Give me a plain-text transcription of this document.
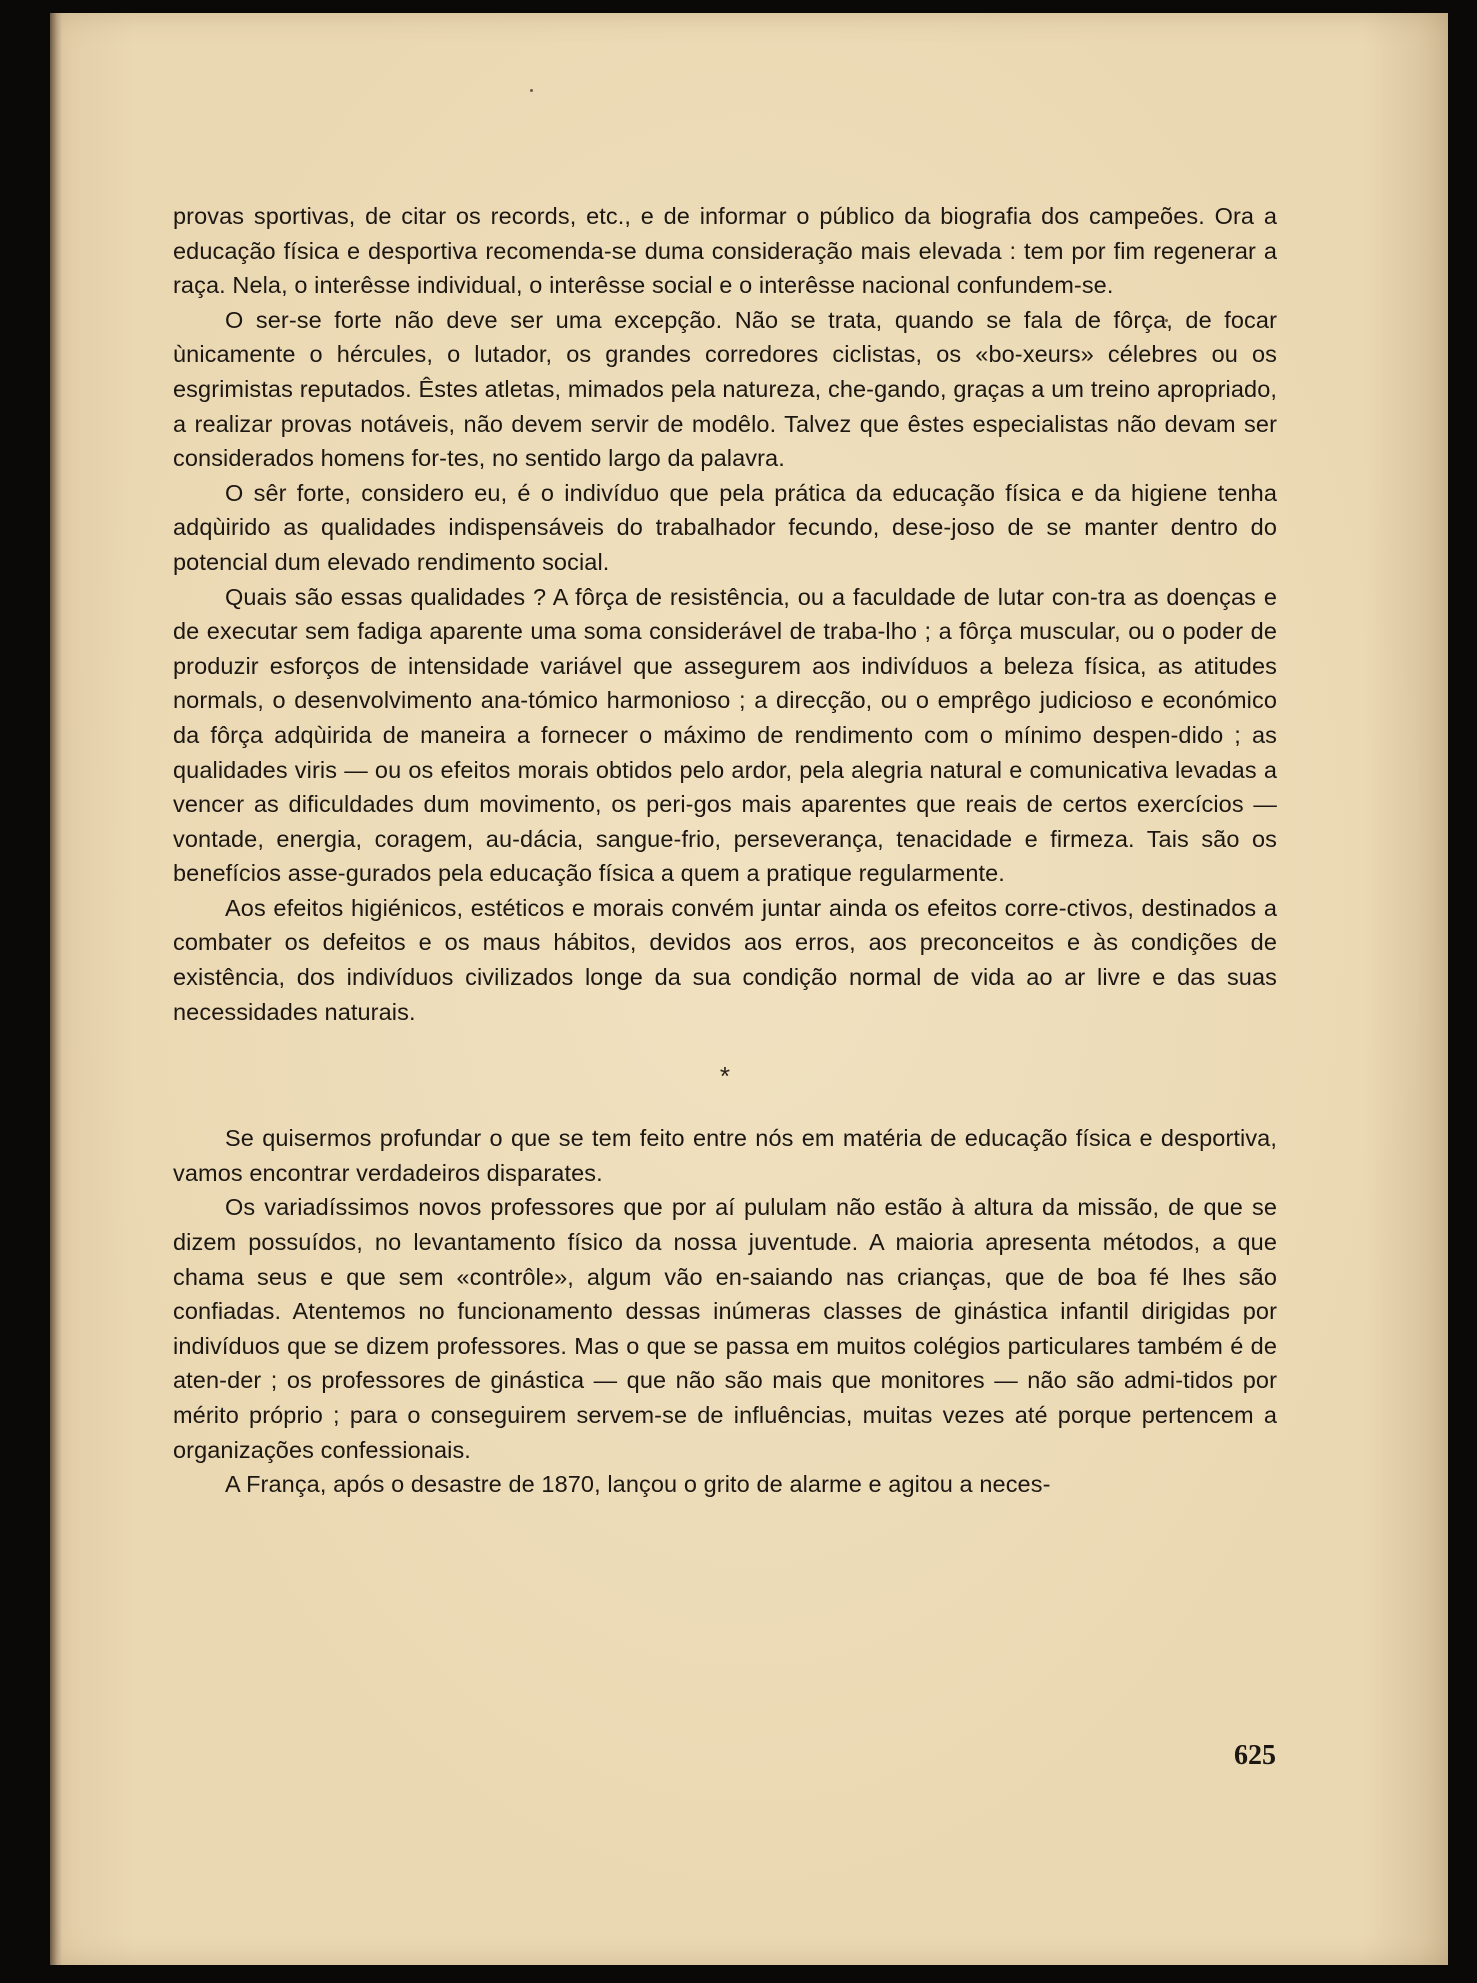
provas sportivas, de citar os records, etc., e de informar o público da biografia dos campeões. Ora a educação física e desportiva recomenda-se duma consideração mais elevada : tem por fim regenerar a raça. Nela, o interêsse individual, o interêsse social e o interêsse nacional confundem-se.

O ser-se forte não deve ser uma excepção. Não se trata, quando se fala de fôrça, de focar ùnicamente o hércules, o lutador, os grandes corredores ciclistas, os «bo-xeurs» célebres ou os esgrimistas reputados. Êstes atletas, mimados pela natureza, che-gando, graças a um treino apropriado, a realizar provas notáveis, não devem servir de modêlo. Talvez que êstes especialistas não devam ser considerados homens for-tes, no sentido largo da palavra.

O sêr forte, considero eu, é o indivíduo que pela prática da educação física e da higiene tenha adqùirido as qualidades indispensáveis do trabalhador fecundo, dese-joso de se manter dentro do potencial dum elevado rendimento social.

Quais são essas qualidades ? A fôrça de resistência, ou a faculdade de lutar con-tra as doenças e de executar sem fadiga aparente uma soma considerável de traba-lho ; a fôrça muscular, ou o poder de produzir esforços de intensidade variável que assegurem aos indivíduos a beleza física, as atitudes normals, o desenvolvimento ana-tómico harmonioso ; a direcção, ou o emprêgo judicioso e económico da fôrça adqùirida de maneira a fornecer o máximo de rendimento com o mínimo despen-dido ; as qualidades viris — ou os efeitos morais obtidos pelo ardor, pela alegria natural e comunicativa levadas a vencer as dificuldades dum movimento, os peri-gos mais aparentes que reais de certos exercícios — vontade, energia, coragem, au-dácia, sangue-frio, perseverança, tenacidade e firmeza. Tais são os benefícios asse-gurados pela educação física a quem a pratique regularmente.

Aos efeitos higiénicos, estéticos e morais convém juntar ainda os efeitos corre-ctivos, destinados a combater os defeitos e os maus hábitos, devidos aos erros, aos preconceitos e às condições de existência, dos indivíduos civilizados longe da sua condição normal de vida ao ar livre e das suas necessidades naturais.

*

Se quisermos profundar o que se tem feito entre nós em matéria de educação física e desportiva, vamos encontrar verdadeiros disparates.

Os variadíssimos novos professores que por aí pululam não estão à altura da missão, de que se dizem possuídos, no levantamento físico da nossa juventude. A maioria apresenta métodos, a que chama seus e que sem «contrôle», algum vão en-saiando nas crianças, que de boa fé lhes são confiadas. Atentemos no funcionamento dessas inúmeras classes de ginástica infantil dirigidas por indivíduos que se dizem professores. Mas o que se passa em muitos colégios particulares também é de aten-der ; os professores de ginástica — que não são mais que monitores — não são admi-tidos por mérito próprio ; para o conseguirem servem-se de influências, muitas vezes até porque pertencem a organizações confessionais.

A França, após o desastre de 1870, lançou o grito de alarme e agitou a neces-

625
